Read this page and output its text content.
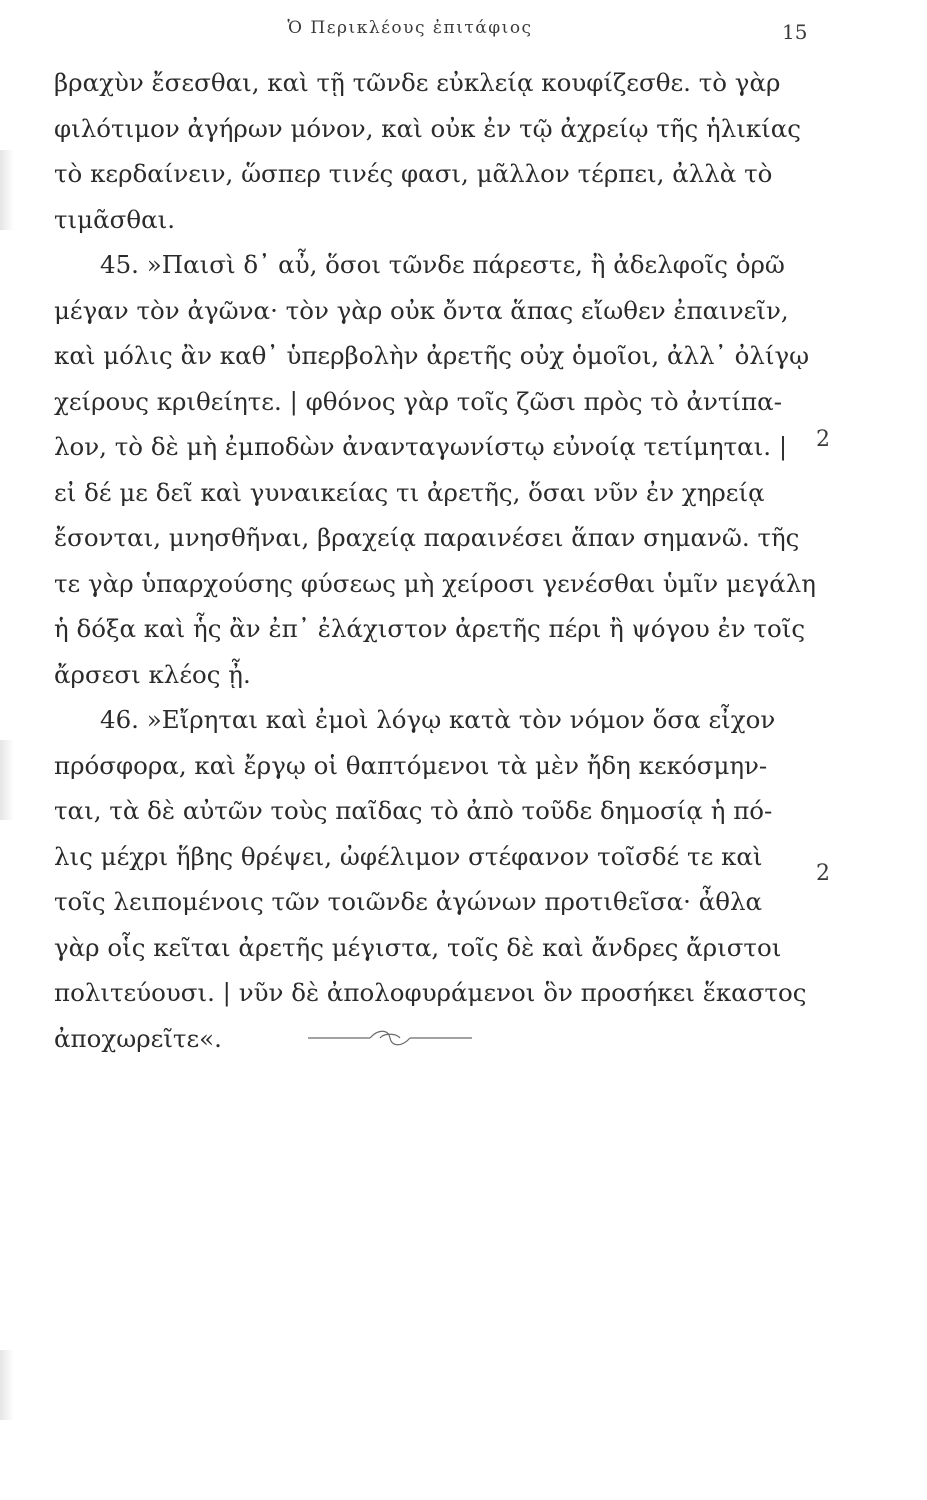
Ὁ Περικλέους ἐπιτάφιος	15
βραχὺν ἔσεσθαι, καὶ τῇ τῶνδε εὐκλείᾳ κουφίζεσθε. τὸ γὰρ
φιλότιμον ἀγήρων μόνον, καὶ οὐκ ἐν τῷ ἀχρείῳ τῆς ἡλικίας
τὸ κερδαίνειν, ὥσπερ τινές φασι, μᾶλλον τέρπει, ἀλλὰ τὸ
τιμᾶσθαι.
45. »Παισὶ δ᾽ αὖ, ὅσοι τῶνδε πάρεστε, ἢ ἀδελφοῖς ὁρῶ
μέγαν τὸν ἀγῶνα· τὸν γὰρ οὐκ ὄντα ἅπας εἴωθεν ἐπαινεῖν,
καὶ μόλις ἂν καθ᾽ ὑπερβολὴν ἀρετῆς οὐχ ὁμοῖοι, ἀλλ᾽ ὀλίγῳ
χείρους κριθείητε. | φθόνος γὰρ τοῖς ζῶσι πρὸς τὸ ἀντίπα-
λον, τὸ δὲ μὴ ἐμποδὼν ἀνανταγωνίστῳ εὐνοίᾳ τετίμηται. |
εἰ δέ με δεῖ καὶ γυναικείας τι ἀρετῆς, ὅσαι νῦν ἐν χηρείᾳ
ἔσονται, μνησθῆναι, βραχείᾳ παραινέσει ἅπαν σημανῶ. τῆς
τε γὰρ ὑπαρχούσης φύσεως μὴ χείροσι γενέσθαι ὑμῖν μεγάλη
ἡ δόξα καὶ ἧς ἂν ἐπ᾽ ἐλάχιστον ἀρετῆς πέρι ἢ ψόγου ἐν τοῖς
ἄρσεσι κλέος ᾖ.
46. »Εἴρηται καὶ ἐμοὶ λόγῳ κατὰ τὸν νόμον ὅσα εἶχον
πρόσφορα, καὶ ἔργῳ οἱ θαπτόμενοι τὰ μὲν ἤδη κεκόσμην-
ται, τὰ δὲ αὐτῶν τοὺς παῖδας τὸ ἀπὸ τοῦδε δημοσίᾳ ἡ πό-
λις μέχρι ἥβης θρέψει, ὠφέλιμον στέφανον τοῖσδέ τε καὶ
τοῖς λειπομένοις τῶν τοιῶνδε ἀγώνων προτιθεῖσα· ἆθλα
γὰρ οἷς κεῖται ἀρετῆς μέγιστα, τοῖς δὲ καὶ ἄνδρες ἄριστοι
πολιτεύουσι. | νῦν δὲ ἀπολοφυράμενοι ὃν προσήκει ἕκαστος
ἀποχωρεῖτε«.
2
2
